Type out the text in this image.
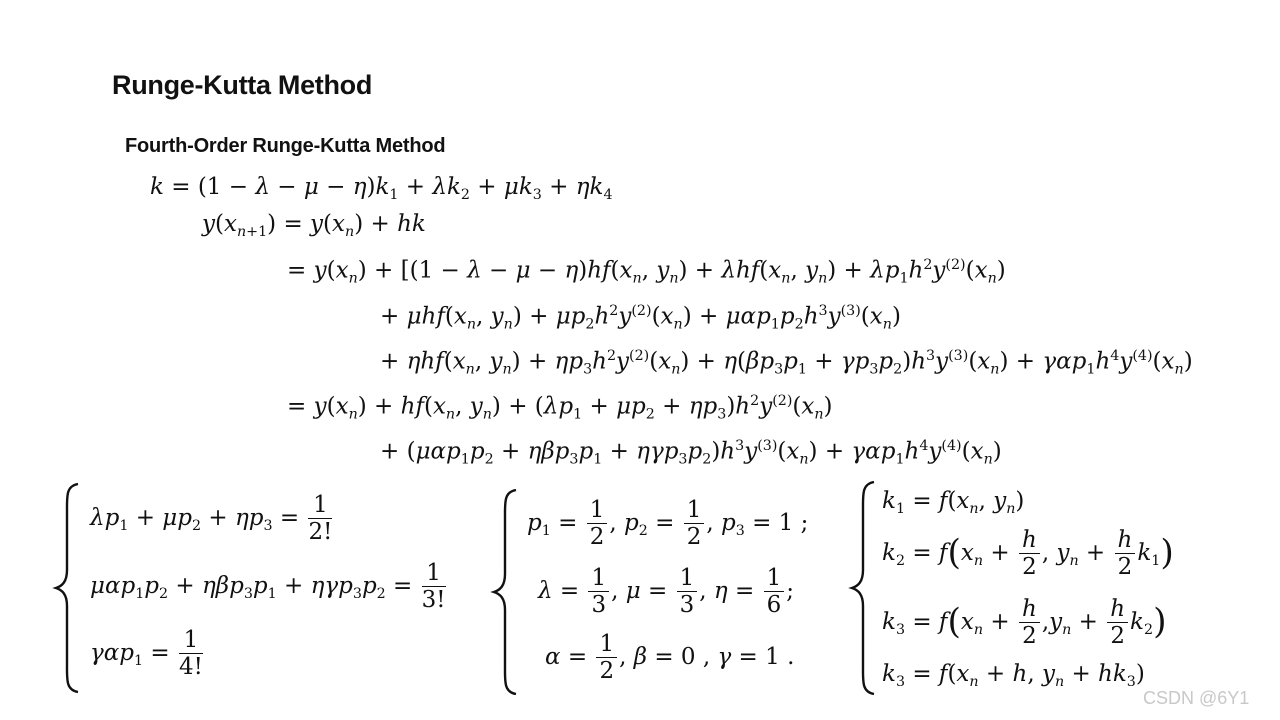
Runge-Kutta Method
Fourth-Order Runge-Kutta Method
$k = (1 - \lambda - \mu - \eta)k_1 + \lambda k_2 + \mu k_3 + \eta k_4$
$y(x_{n+1}) = y(x_n)$ + hk
= $y(x_n) + [(1 - \lambda - \mu - \eta)hf(x_n$, $y_n) + \lambda hf(x_n$, $y_n) + \lambda p_1h^2y^{(2)}(x_n)$
+ $\mu hf(x_n$, $y_n) + \mu p_2h^2y^{(2)}(x_n) + \mu\alpha p_1p_2h^3y^{(3)}(x_n)$
+ $\eta hf(x_n$, $y_n) + \eta p_3h^2y^{(2)}(x_n) + \eta(\beta p_3p_1 + \gamma p_3p_2)h^3y^{(3)}(x_n) + \gamma\alpha p_1h^4y^{(4)}(x_n)$
= $y(x_n) + hf(x_n$, $y_n) + (\lambda p_1 + \mu p_2 + \eta p_3)h^2y^{(2)}(x_n)$
+ $(\mu\alpha p_1p_2 + \eta\beta p_3p_1 + \eta\gamma p_3p_2)h^3y^{(3)}(x_n) + \gamma\alpha p_1h^4y^{(4)}(x_n)$
$\lambda p_1 + \mu p_2 + \eta p_3 = \frac{1}{2!}$
$\mu\alpha p_1p_2 + \eta\beta p_3p_1 + \eta\gamma p_3p_2 = \frac{1}{3!}$
$\gamma\alpha p_1 = \frac{1}{4!}$
$p_1 = \frac{1}{2}$ , $p_2 = \frac{1}{2}$ , $p_3 = 1$ ;
$\lambda = \frac{1}{3}$ , $\mu = \frac{1}{3}$ , $\eta = \frac{1}{6}$ ;
$\alpha = \frac{1}{2}$ , β = 0 , γ = 1 .
$k_1 = f(x_n$, $y_n$)
$k_2 = f(x_n + \frac{h}{2}$ , $y_n + \frac{h}{2} k_1$)
$k_3 = f(x_n + \frac{h}{2} ,y_n + \frac{h}{2} k_2)$
$k_3 = f(x_n + h$, $y_n + hk_3$)
CSDN @6Y1
